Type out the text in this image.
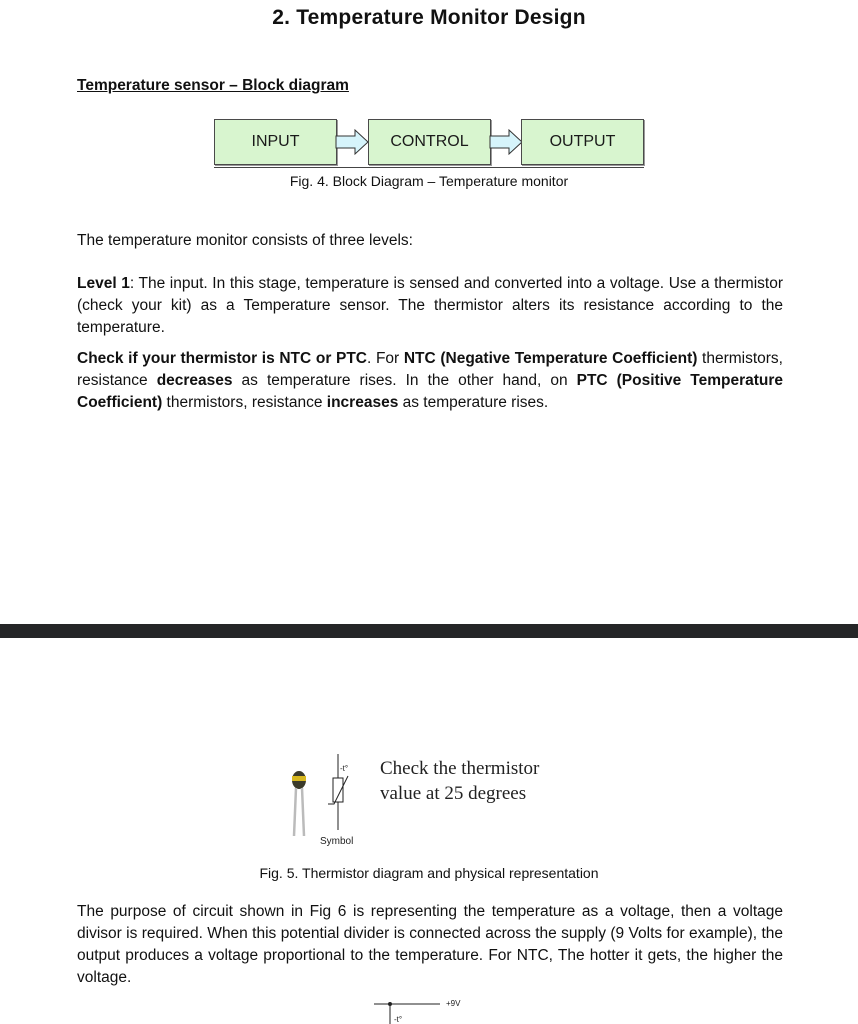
2. Temperature Monitor Design
Temperature sensor – Block diagram
INPUT	CONTROL	OUTPUT
Fig. 4. Block Diagram – Temperature monitor
The temperature monitor consists of three levels:
Level 1: The input. In this stage, temperature is sensed and converted into a voltage. Use a thermistor (check your kit) as a Temperature sensor. The thermistor alters its resistance according to the temperature.
Check if your thermistor is NTC or PTC. For NTC (Negative Temperature Coefficient) thermistors, resistance decreases as temperature rises. In the other hand, on PTC (Positive Temperature Coefficient) thermistors, resistance increases as temperature rises.
-t°
Symbol
Check the thermistor
value at 25 degrees
Fig. 5. Thermistor diagram and physical representation
The purpose of circuit shown in Fig 6 is representing the temperature as a voltage, then a voltage divisor is required. When this potential divider is connected across the supply (9 Volts for example), the output produces a voltage proportional to the temperature. For NTC, The hotter it gets, the higher the voltage.
+9V
-t°
